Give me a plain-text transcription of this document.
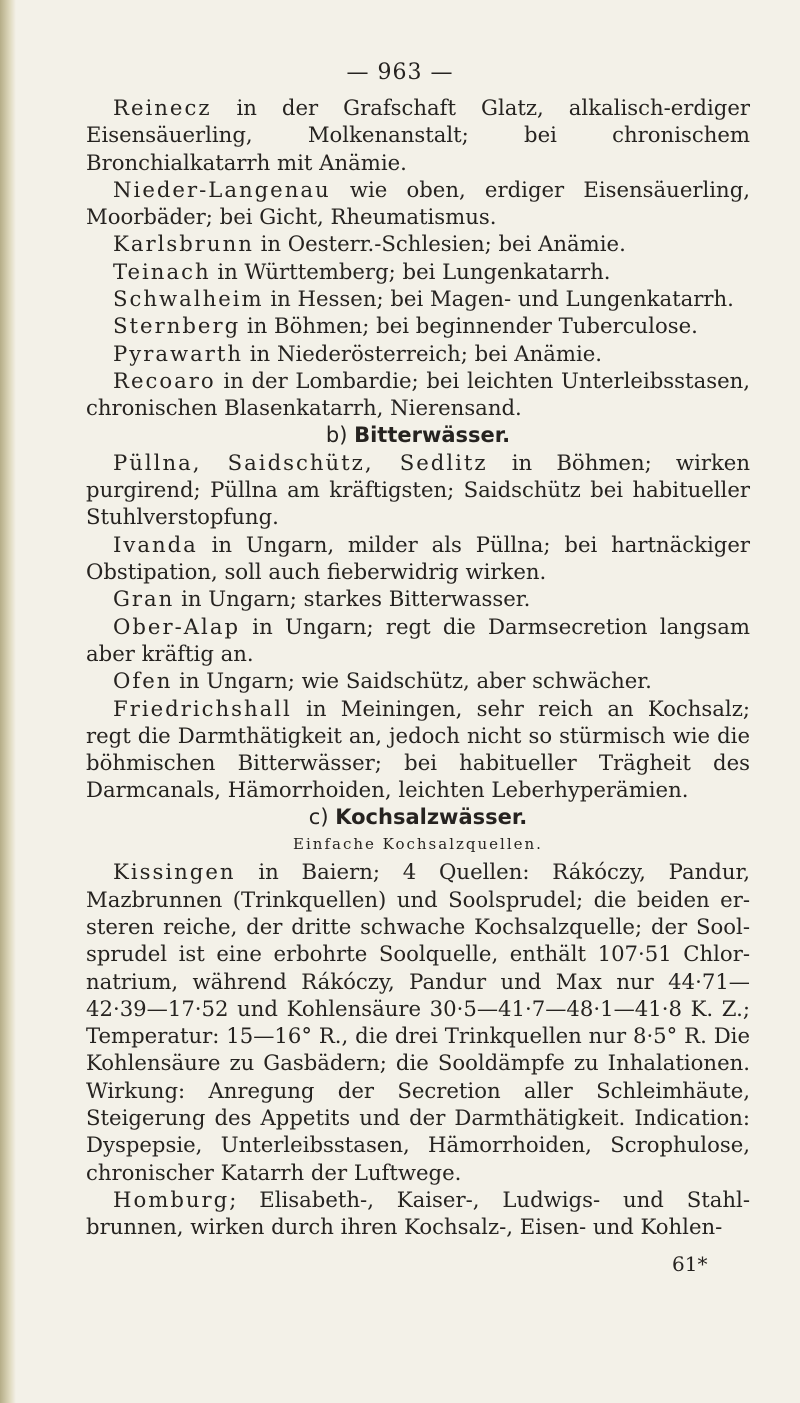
— 963 —

Reinecz in der Grafschaft Glatz, alkalisch-erdiger Eisensäuerling, Molkenanstalt; bei chronischem Bronchialkatarrh mit Anämie.

Nieder-Langenau wie oben, erdiger Eisensäuerling, Moorbäder; bei Gicht, Rheumatismus.

Karlsbrunn in Oesterr.-Schlesien; bei Anämie.

Teinach in Württemberg; bei Lungenkatarrh.

Schwalheim in Hessen; bei Magen- und Lungenkatarrh.

Sternberg in Böhmen; bei beginnender Tuberculose.

Pyrawarth in Niederösterreich; bei Anämie.

Recoaro in der Lombardie; bei leichten Unterleibsstasen, chronischen Blasenkatarrh, Nierensand.

b) Bitterwässer.

Püllna, Saidschütz, Sedlitz in Böhmen; wirken purgirend; Püllna am kräftigsten; Saidschütz bei habitueller Stuhlverstopfung.

Ivanda in Ungarn, milder als Püllna; bei hartnäckiger Obstipation, soll auch fieberwidrig wirken.

Gran in Ungarn; starkes Bitterwasser.

Ober-Alap in Ungarn; regt die Darmsecretion langsam aber kräftig an.

Ofen in Ungarn; wie Saidschütz, aber schwächer.

Friedrichshall in Meiningen, sehr reich an Kochsalz; regt die Darmthätigkeit an, jedoch nicht so stürmisch wie die böhmischen Bitterwässer; bei habitueller Trägheit des Darmcanals, Hämorrhoiden, leichten Leberhyperämien.

c) Kochsalzwässer.

Einfache Kochsalzquellen.

Kissingen in Baiern; 4 Quellen: Rákóczy, Pandur, Mazbrunnen (Trinkquellen) und Soolsprudel; die beiden ersteren reiche, der dritte schwache Kochsalzquelle; der Soolsprudel ist eine erbohrte Soolquelle, enthält 107·51 Chlornatrium, während Rákóczy, Pandur und Max nur 44·71—42·39—17·52 und Kohlensäure 30·5—41·7—48·1—41·8 K. Z.; Temperatur: 15—16° R., die drei Trinkquellen nur 8·5° R. Die Kohlensäure zu Gasbädern; die Sooldämpfe zu Inhalationen. Wirkung: Anregung der Secretion aller Schleimhäute, Steigerung des Appetits und der Darmthätigkeit. Indication: Dyspepsie, Unterleibsstasen, Hämorrhoiden, Scrophulose, chronischer Katarrh der Luftwege.

Homburg; Elisabeth-, Kaiser-, Ludwigs- und Stahlbrunnen, wirken durch ihren Kochsalz-, Eisen- und Kohlen-

61*
